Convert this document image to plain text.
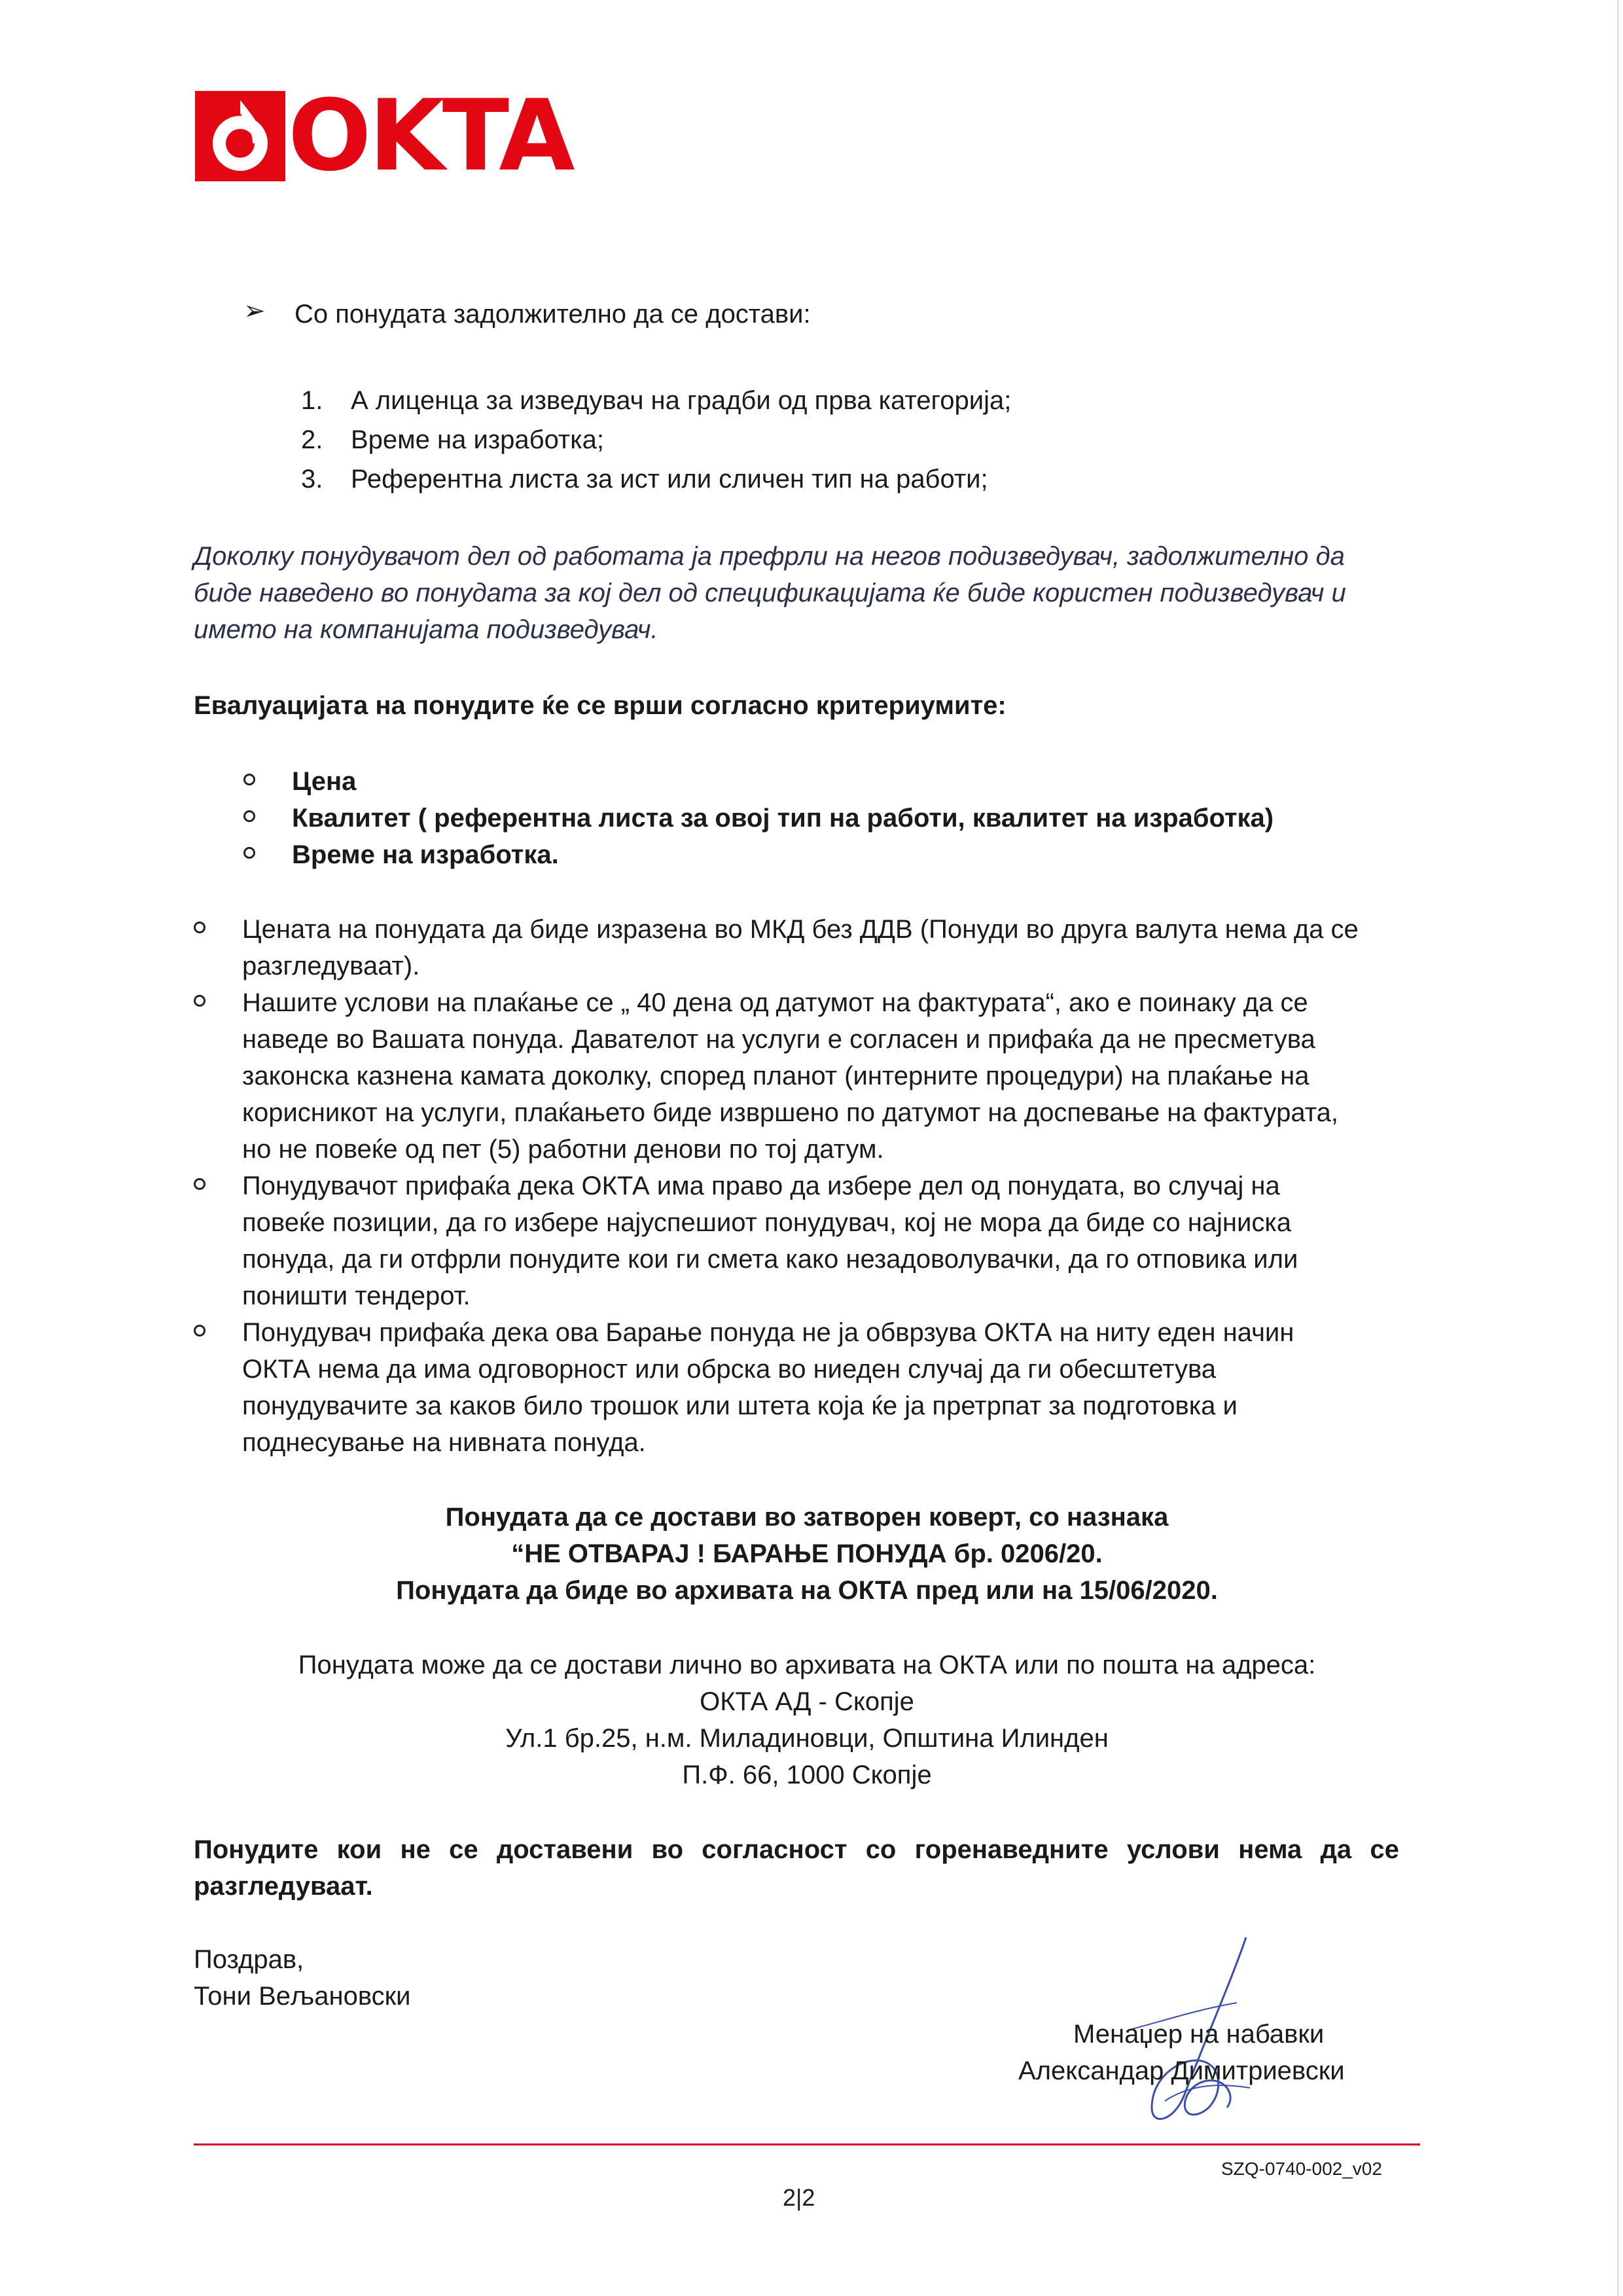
OKTA
➢ Со понудата задолжително да се достави:
1. А лиценца за изведувач на градби од прва категорија;
2. Време на изработка;
3. Референтна листа за ист или сличен тип на работи;
Доколку понудувачот дел од работата ја префрли на негов подизведувач, задолжително да
биде наведено во понудата за кој дел од спецификацијата ќе биде користен подизведувач и
името на компанијата подизведувач.
Евалуацијата на понудите ќе се врши согласно критериумите:
Цена
Квалитет ( референтна листа за овој тип на работи, квалитет на изработка)
Време на изработка.
Цената на понудата да биде изразена во МКД без ДДВ (Понуди во друга валута нема да се
разгледуваат).
Нашите услови на плаќање се „ 40 дена од датумот на фактурата“, ако е поинаку да се
наведе во Вашата понуда. Давателот на услуги е согласен и прифаќа да не пресметува
законска казнена камата доколку, според планот (интерните процедури) на плаќање на
корисникот на услуги, плаќањето биде извршено по датумот на доспевање на фактурата,
но не повеќе од пет (5) работни денови по тој датум.
Понудувачот прифаќа дека ОКТА има право да избере дел од понудата, во случај на
повеќе позиции, да го избере најуспешиот понудувач, кој не мора да биде со најниска
понуда, да ги отфрли понудите кои ги смета како незадоволувачки, да го отповика или
поништи тендерот.
Понудувач прифаќа дека ова Барање понуда не ја обврзува ОКТА на ниту еден начин
ОКТА нема да има одговорност или обрска во ниеден случај да ги обесштетува
понудувачите за каков било трошок или штета која ќе ја претрпат за подготовка и
поднесување на нивната понуда.
Понудата да се достави во затворен коверт, со назнака
“НЕ ОТВАРАЈ ! БАРАЊЕ ПОНУДА бр. 0206/20.
Понудата да биде во архивата на ОКТА пред или на 15/06/2020.
Понудата може да се достави лично во архивата на ОКТА или по пошта на адреса:
ОКТА АД - Скопје
Ул.1 бр.25, н.м. Миладиновци, Општина Илинден
П.Ф. 66, 1000 Скопје
Понудите кои не се доставени во согласност со горенаведните услови нема да се
разгледуваат.
Поздрав,
Тони Вељановски
Менаџер на набавки
Александар Димитриевски
SZQ-0740-002_v02
2|2
